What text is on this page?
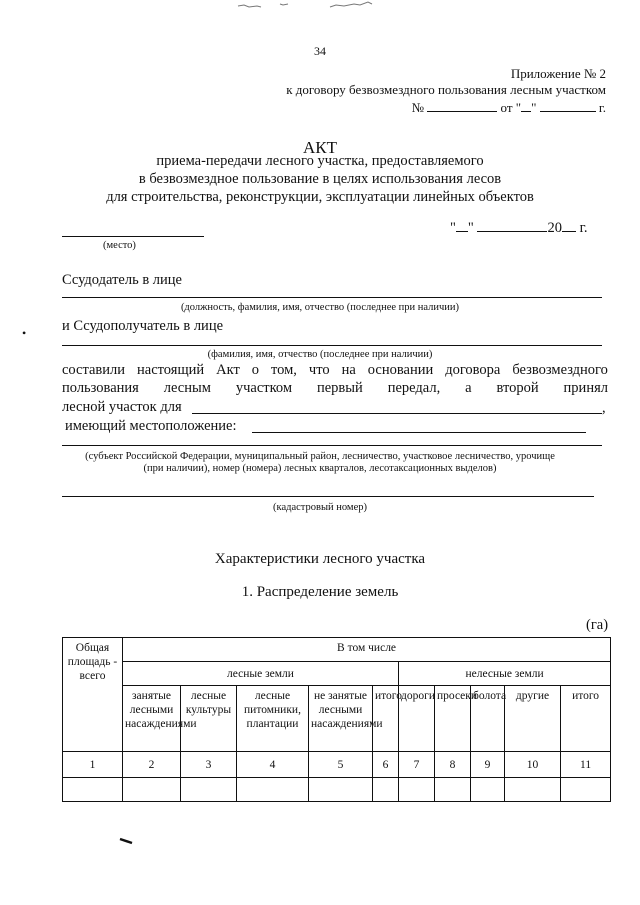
34
Приложение № 2
к договору безвозмездного пользования лесным участком
№	от " "	г.
АКТ
приема-передачи лесного участка, предоставляемого
в безвозмездное пользование в целях использования лесов
для строительства, реконструкции, эксплуатации линейных объектов
(место)
" "	20 г.
Ссудодатель в лице
(должность, фамилия, имя, отчество (последнее при наличии)
и Ссудополучатель в лице
(фамилия, имя, отчество (последнее при наличии)
составили настоящий Акт о том, что на основании договора безвозмездного
пользования лесным участком первый передал, а второй принял
лесной участок для	,
имеющий местоположение:
(субъект Российской Федерации, муниципальный район, лесничество, участковое лесничество, урочище
(при наличии), номер (номера) лесных кварталов, лесотаксационных выделов)
(кадастровый номер)
•
Характеристики лесного участка
1. Распределение земель
(га)
Общая площадь - всего	В том числе									
	лесные земли					нелесные земли				
	занятые лесными насаждениями	лесные культуры	лесные питомники, плантации	не занятые лесными насаждениями	итого	дороги	просеки	болота	другие	итого
1	2	3	4	5	6	7	8	9	10	11
